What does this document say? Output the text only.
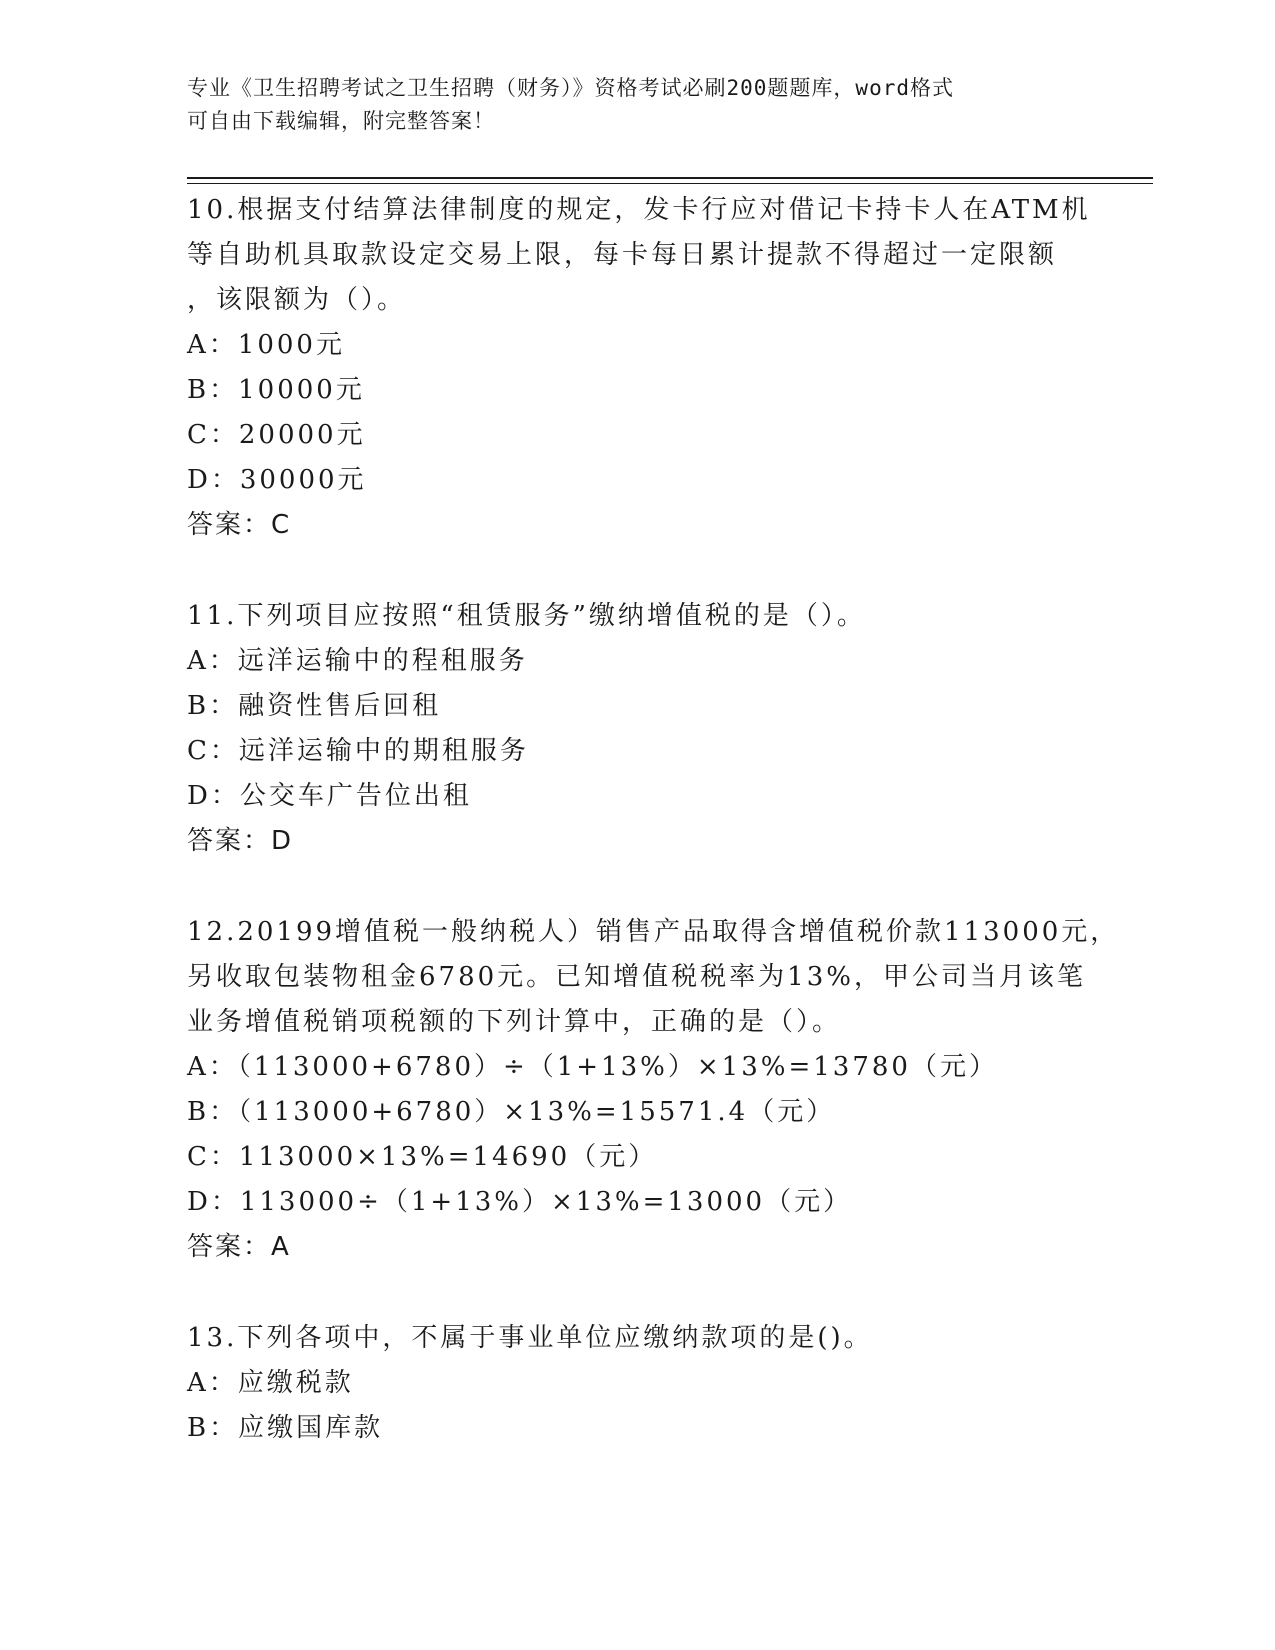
专业《卫生招聘考试之卫生招聘（财务）》资格考试必刷200题题库，word格式
可自由下载编辑，附完整答案！
10.根据支付结算法律制度的规定，发卡行应对借记卡持卡人在ATM机
等自助机具取款设定交易上限，每卡每日累计提款不得超过一定限额
，该限额为（）。
A：1000元
B：10000元
C：20000元
D：30000元
答案：C
11.下列项目应按照“租赁服务”缴纳增值税的是（）。
A：远洋运输中的程租服务
B：融资性售后回租
C：远洋运输中的期租服务
D：公交车广告位出租
答案：D
12.20199增值税一般纳税人）销售产品取得含增值税价款113000元，
另收取包装物租金6780元。已知增值税税率为13%，甲公司当月该笔
业务增值税销项税额的下列计算中，正确的是（）。
A：（113000+6780）÷（1+13%）×13%=13780（元）
B：（113000+6780）×13%=15571.4（元）
C：113000×13%=14690（元）
D：113000÷（1+13%）×13%=13000（元）
答案：A
13.下列各项中，不属于事业单位应缴纳款项的是()。
A：应缴税款
B：应缴国库款
